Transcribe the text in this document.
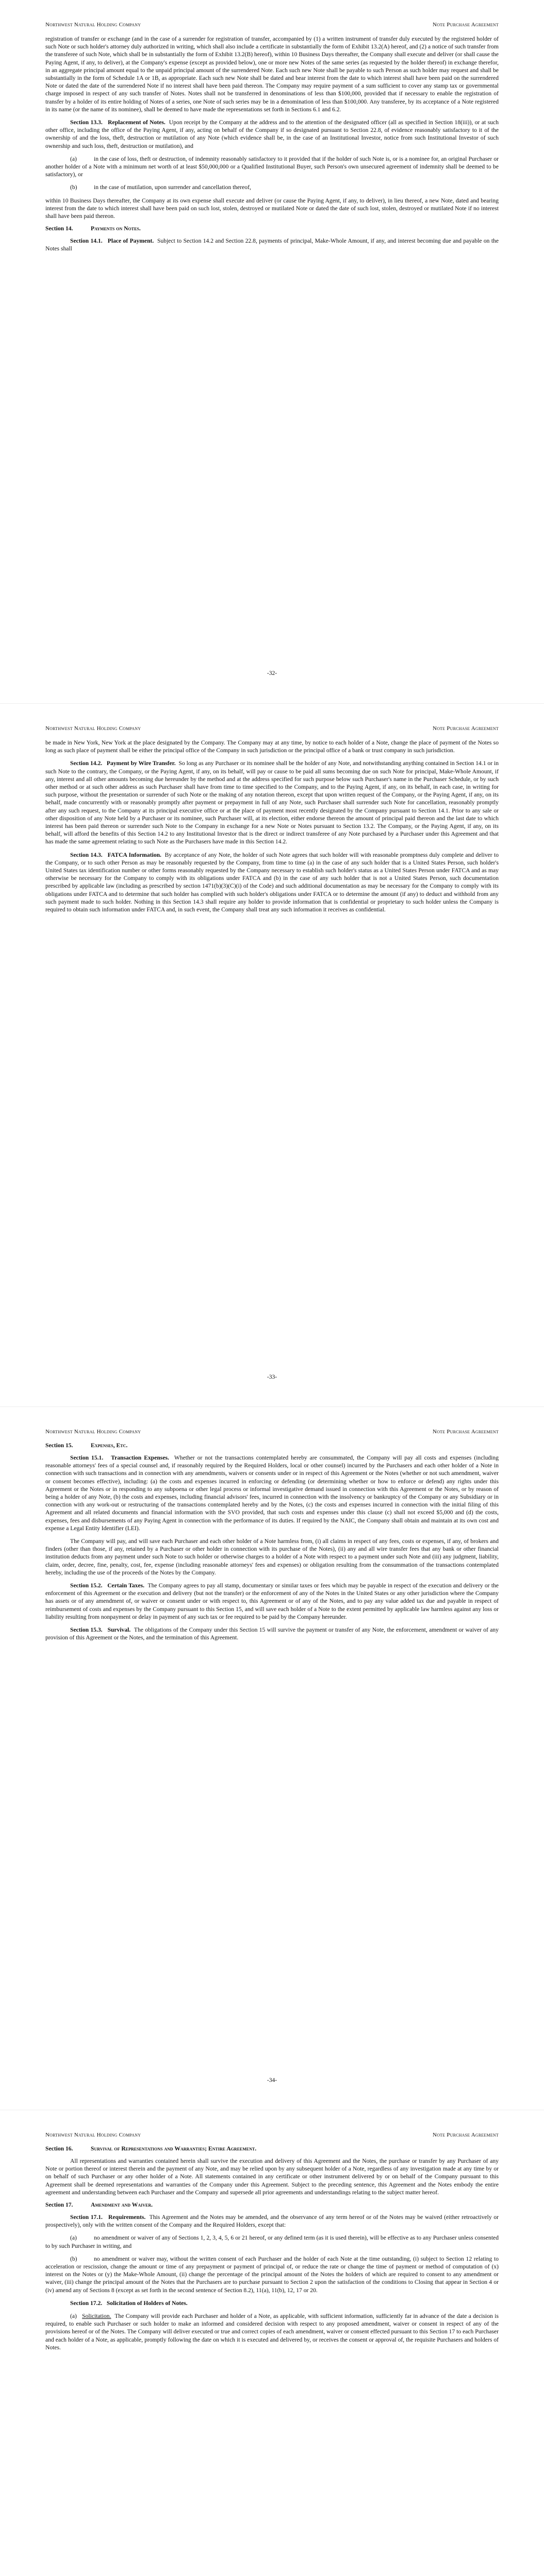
Northwest Natural Holding Company	Note Purchase Agreement

registration of transfer or exchange (and in the case of a surrender for registration of transfer, accompanied by (1) a written instrument of transfer duly executed by the registered holder of such Note or such holder's attorney duly authorized in writing, which shall also include a certificate in substantially the form of Exhibit 13.2(A) hereof, and (2) a notice of such transfer from the transferee of such Note, which shall be in substantially the form of Exhibit 13.2(B) hereof), within 10 Business Days thereafter, the Company shall execute and deliver (or shall cause the Paying Agent, if any, to deliver), at the Company's expense (except as provided below), one or more new Notes of the same series (as requested by the holder thereof) in exchange therefor, in an aggregate principal amount equal to the unpaid principal amount of the surrendered Note. Each such new Note shall be payable to such Person as such holder may request and shall be substantially in the form of Schedule 1A or 1B, as appropriate. Each such new Note shall be dated and bear interest from the date to which interest shall have been paid on the surrendered Note or dated the date of the surrendered Note if no interest shall have been paid thereon. The Company may require payment of a sum sufficient to cover any stamp tax or governmental charge imposed in respect of any such transfer of Notes. Notes shall not be transferred in denominations of less than $100,000, provided that if necessary to enable the registration of transfer by a holder of its entire holding of Notes of a series, one Note of such series may be in a denomination of less than $100,000. Any transferee, by its acceptance of a Note registered in its name (or the name of its nominee), shall be deemed to have made the representations set forth in Sections 6.1 and 6.2.

Section 13.3. Replacement of Notes. Upon receipt by the Company at the address and to the attention of the designated officer (all as specified in Section 18(iii)), or at such other office, including the office of the Paying Agent, if any, acting on behalf of the Company if so designated pursuant to Section 22.8, of evidence reasonably satisfactory to it of the ownership of and the loss, theft, destruction or mutilation of any Note (which evidence shall be, in the case of an Institutional Investor, notice from such Institutional Investor of such ownership and such loss, theft, destruction or mutilation), and

(a)	in the case of loss, theft or destruction, of indemnity reasonably satisfactory to it provided that if the holder of such Note is, or is a nominee for, an original Purchaser or another holder of a Note with a minimum net worth of at least $50,000,000 or a Qualified Institutional Buyer, such Person's own unsecured agreement of indemnity shall be deemed to be satisfactory), or

(b)	in the case of mutilation, upon surrender and cancellation thereof,

within 10 Business Days thereafter, the Company at its own expense shall execute and deliver (or cause the Paying Agent, if any, to deliver), in lieu thereof, a new Note, dated and bearing interest from the date to which interest shall have been paid on such lost, stolen, destroyed or mutilated Note or dated the date of such lost, stolen, destroyed or mutilated Note if no interest shall have been paid thereon.

Section 14.	Payments on Notes.

Section 14.1. Place of Payment. Subject to Section 14.2 and Section 22.8, payments of principal, Make-Whole Amount, if any, and interest becoming due and payable on the Notes shall

-32-
Northwest Natural Holding Company	Note Purchase Agreement

be made in New York, New York at the place designated by the Company. The Company may at any time, by notice to each holder of a Note, change the place of payment of the Notes so long as such place of payment shall be either the principal office of the Company in such jurisdiction or the principal office of a bank or trust company in such jurisdiction.

Section 14.2. Payment by Wire Transfer. So long as any Purchaser or its nominee shall be the holder of any Note, and notwithstanding anything contained in Section 14.1 or in such Note to the contrary, the Company, or the Paying Agent, if any, on its behalf, will pay or cause to be paid all sums becoming due on such Note for principal, Make-Whole Amount, if any, interest and all other amounts becoming due hereunder by the method and at the address specified for such purpose below such Purchaser's name in the Purchaser Schedule, or by such other method or at such other address as such Purchaser shall have from time to time specified to the Company, and to the Paying Agent, if any, on its behalf, in each case, in writing for such purpose, without the presentation or surrender of such Note or the making of any notation thereon, except that upon written request of the Company, or the Paying Agent, if any, on its behalf, made concurrently with or reasonably promptly after payment or prepayment in full of any Note, such Purchaser shall surrender such Note for cancellation, reasonably promptly after any such request, to the Company at its principal executive office or at the place of payment most recently designated by the Company pursuant to Section 14.1. Prior to any sale or other disposition of any Note held by a Purchaser or its nominee, such Purchaser will, at its election, either endorse thereon the amount of principal paid thereon and the last date to which interest has been paid thereon or surrender such Note to the Company in exchange for a new Note or Notes pursuant to Section 13.2. The Company, or the Paying Agent, if any, on its behalf, will afford the benefits of this Section 14.2 to any Institutional Investor that is the direct or indirect transferee of any Note purchased by a Purchaser under this Agreement and that has made the same agreement relating to such Note as the Purchasers have made in this Section 14.2.

Section 14.3. FATCA Information. By acceptance of any Note, the holder of such Note agrees that such holder will with reasonable promptness duly complete and deliver to the Company, or to such other Person as may be reasonably requested by the Company, from time to time (a) in the case of any such holder that is a United States Person, such holder's United States tax identification number or other forms reasonably requested by the Company necessary to establish such holder's status as a United States Person under FATCA and as may otherwise be necessary for the Company to comply with its obligations under FATCA and (b) in the case of any such holder that is not a United States Person, such documentation prescribed by applicable law (including as prescribed by section 1471(b)(3)(C)(i) of the Code) and such additional documentation as may be necessary for the Company to comply with its obligations under FATCA and to determine that such holder has complied with such holder's obligations under FATCA or to determine the amount (if any) to deduct and withhold from any such payment made to such holder. Nothing in this Section 14.3 shall require any holder to provide information that is confidential or proprietary to such holder unless the Company is required to obtain such information under FATCA and, in such event, the Company shall treat any such information it receives as confidential.

-33-
Northwest Natural Holding Company	Note Purchase Agreement
Section 15.	Expenses, Etc.

Section 15.1. Transaction Expenses. Whether or not the transactions contemplated hereby are consummated, the Company will pay all costs and expenses (including reasonable attorneys' fees of a special counsel and, if reasonably required by the Required Holders, local or other counsel) incurred by the Purchasers and each other holder of a Note in connection with such transactions and in connection with any amendments, waivers or consents under or in respect of this Agreement or the Notes (whether or not such amendment, waiver or consent becomes effective), including: (a) the costs and expenses incurred in enforcing or defending (or determining whether or how to enforce or defend) any rights under this Agreement or the Notes or in responding to any subpoena or other legal process or informal investigative demand issued in connection with this Agreement or the Notes, or by reason of being a holder of any Note, (b) the costs and expenses, including financial advisors' fees, incurred in connection with the insolvency or bankruptcy of the Company or any Subsidiary or in connection with any work-out or restructuring of the transactions contemplated hereby and by the Notes, (c) the costs and expenses incurred in connection with the initial filing of this Agreement and all related documents and financial information with the SVO provided, that such costs and expenses under this clause (c) shall not exceed $5,000 and (d) the costs, expenses, fees and disbursements of any Paying Agent in connection with the performance of its duties. If required by the NAIC, the Company shall obtain and maintain at its own cost and expense a Legal Entity Identifier (LEI).

The Company will pay, and will save each Purchaser and each other holder of a Note harmless from, (i) all claims in respect of any fees, costs or expenses, if any, of brokers and finders (other than those, if any, retained by a Purchaser or other holder in connection with its purchase of the Notes), (ii) any and all wire transfer fees that any bank or other financial institution deducts from any payment under such Note to such holder or otherwise charges to a holder of a Note with respect to a payment under such Note and (iii) any judgment, liability, claim, order, decree, fine, penalty, cost, fee, expense (including reasonable attorneys' fees and expenses) or obligation resulting from the consummation of the transactions contemplated hereby, including the use of the proceeds of the Notes by the Company.

Section 15.2. Certain Taxes. The Company agrees to pay all stamp, documentary or similar taxes or fees which may be payable in respect of the execution and delivery or the enforcement of this Agreement or the execution and delivery (but not the transfer) or the enforcement of any of the Notes in the United States or any other jurisdiction where the Company has assets or of any amendment of, or waiver or consent under or with respect to, this Agreement or of any of the Notes, and to pay any value added tax due and payable in respect of reimbursement of costs and expenses by the Company pursuant to this Section 15, and will save each holder of a Note to the extent permitted by applicable law harmless against any loss or liability resulting from nonpayment or delay in payment of any such tax or fee required to be paid by the Company hereunder.

Section 15.3. Survival. The obligations of the Company under this Section 15 will survive the payment or transfer of any Note, the enforcement, amendment or waiver of any provision of this Agreement or the Notes, and the termination of this Agreement.

-34-
Northwest Natural Holding Company	Note Purchase Agreement
Section 16.	Survival of Representations and Warranties; Entire Agreement.

All representations and warranties contained herein shall survive the execution and delivery of this Agreement and the Notes, the purchase or transfer by any Purchaser of any Note or portion thereof or interest therein and the payment of any Note, and may be relied upon by any subsequent holder of a Note, regardless of any investigation made at any time by or on behalf of such Purchaser or any other holder of a Note. All statements contained in any certificate or other instrument delivered by or on behalf of the Company pursuant to this Agreement shall be deemed representations and warranties of the Company under this Agreement. Subject to the preceding sentence, this Agreement and the Notes embody the entire agreement and understanding between each Purchaser and the Company and supersede all prior agreements and understandings relating to the subject matter hereof.

Section 17.	Amendment and Waiver.

Section 17.1. Requirements. This Agreement and the Notes may be amended, and the observance of any term hereof or of the Notes may be waived (either retroactively or prospectively), only with the written consent of the Company and the Required Holders, except that:

(a)	no amendment or waiver of any of Sections 1, 2, 3, 4, 5, 6 or 21 hereof, or any defined term (as it is used therein), will be effective as to any Purchaser unless consented to by such Purchaser in writing, and

(b)	no amendment or waiver may, without the written consent of each Purchaser and the holder of each Note at the time outstanding, (i) subject to Section 12 relating to acceleration or rescission, change the amount or time of any prepayment or payment of principal of, or reduce the rate or change the time of payment or method of computation of (x) interest on the Notes or (y) the Make-Whole Amount, (ii) change the percentage of the principal amount of the Notes the holders of which are required to consent to any amendment or waiver, (iii) change the principal amount of the Notes that the Purchasers are to purchase pursuant to Section 2 upon the satisfaction of the conditions to Closing that appear in Section 4 or (iv) amend any of Sections 8 (except as set forth in the second sentence of Section 8.2), 11(a), 11(b), 12, 17 or 20.

Section 17.2. Solicitation of Holders of Notes.

(a) Solicitation. The Company will provide each Purchaser and holder of a Note, as applicable, with sufficient information, sufficiently far in advance of the date a decision is required, to enable such Purchaser or such holder to make an informed and considered decision with respect to any proposed amendment, waiver or consent in respect of any of the provisions hereof or of the Notes. The Company will deliver executed or true and correct copies of each amendment, waiver or consent effected pursuant to this Section 17 to each Purchaser and each holder of a Note, as applicable, promptly following the date on which it is executed and delivered by, or receives the consent or approval of, the requisite Purchasers and holders of Notes.
